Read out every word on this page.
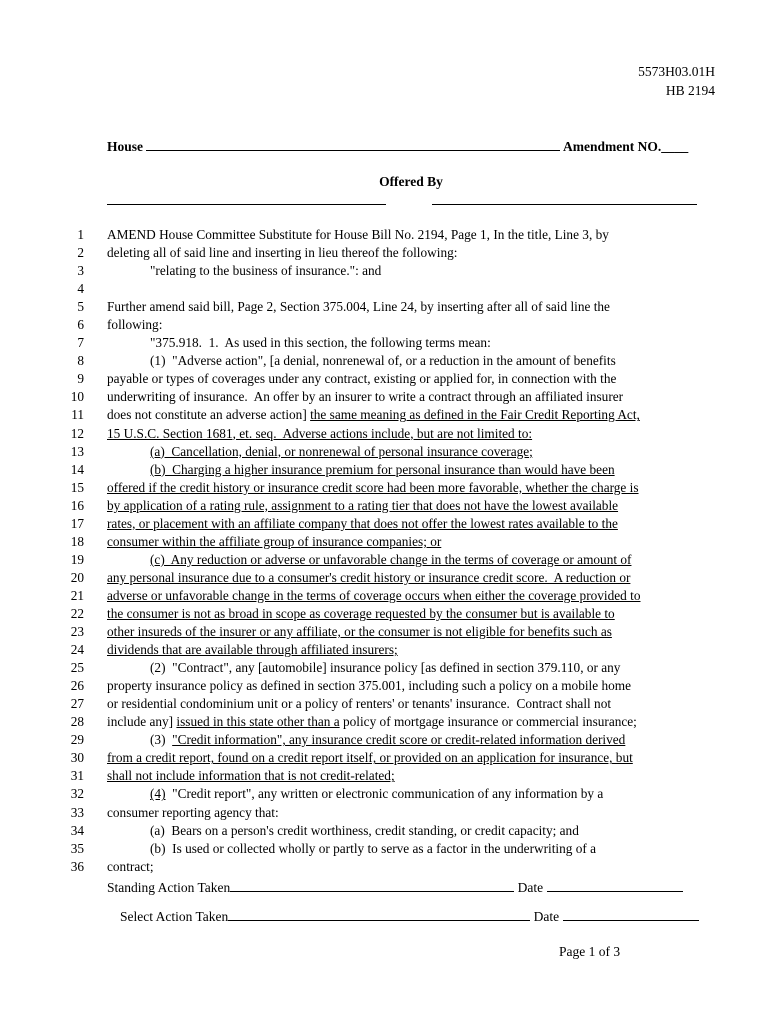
5573H03.01H
HB 2194
House	Amendment NO.____
Offered By
1 AMEND House Committee Substitute for House Bill No. 2194, Page 1, In the title, Line 3, by
2 deleting all of said line and inserting in lieu thereof the following:
3	"relating to the business of insurance.": and
4
5 Further amend said bill, Page 2, Section 375.004, Line 24, by inserting after all of said line the
6 following:
7	"375.918.  1.  As used in this section, the following terms mean:
8	(1)  "Adverse action", [a denial, nonrenewal of, or a reduction in the amount of benefits
9 payable or types of coverages under any contract, existing or applied for, in connection with the
10 underwriting of insurance.  An offer by an insurer to write a contract through an affiliated insurer
11 does not constitute an adverse action] the same meaning as defined in the Fair Credit Reporting Act,
12 15 U.S.C. Section 1681, et. seq.  Adverse actions include, but are not limited to:
13	(a)  Cancellation, denial, or nonrenewal of personal insurance coverage;
14	(b)  Charging a higher insurance premium for personal insurance than would have been
15 offered if the credit history or insurance credit score had been more favorable, whether the charge is
16 by application of a rating rule, assignment to a rating tier that does not have the lowest available
17 rates, or placement with an affiliate company that does not offer the lowest rates available to the
18 consumer within the affiliate group of insurance companies; or
19	(c)  Any reduction or adverse or unfavorable change in the terms of coverage or amount of
20 any personal insurance due to a consumer's credit history or insurance credit score.  A reduction or
21 adverse or unfavorable change in the terms of coverage occurs when either the coverage provided to
22 the consumer is not as broad in scope as coverage requested by the consumer but is available to
23 other insureds of the insurer or any affiliate, or the consumer is not eligible for benefits such as
24 dividends that are available through affiliated insurers;
25	(2)  "Contract", any [automobile] insurance policy [as defined in section 379.110, or any
26 property insurance policy as defined in section 375.001, including such a policy on a mobile home
27 or residential condominium unit or a policy of renters' or tenants' insurance.  Contract shall not
28 include any] issued in this state other than a policy of mortgage insurance or commercial insurance;
29	(3)  "Credit information", any insurance credit score or credit-related information derived
30 from a credit report, found on a credit report itself, or provided on an application for insurance, but
31 shall not include information that is not credit-related;
32	(4)  "Credit report", any written or electronic communication of any information by a
33 consumer reporting agency that:
34	(a)  Bears on a person's credit worthiness, credit standing, or credit capacity; and
35	(b)  Is used or collected wholly or partly to serve as a factor in the underwriting of a
36 contract;
Standing Action Taken	Date
Select Action Taken	Date
Page 1 of 3
